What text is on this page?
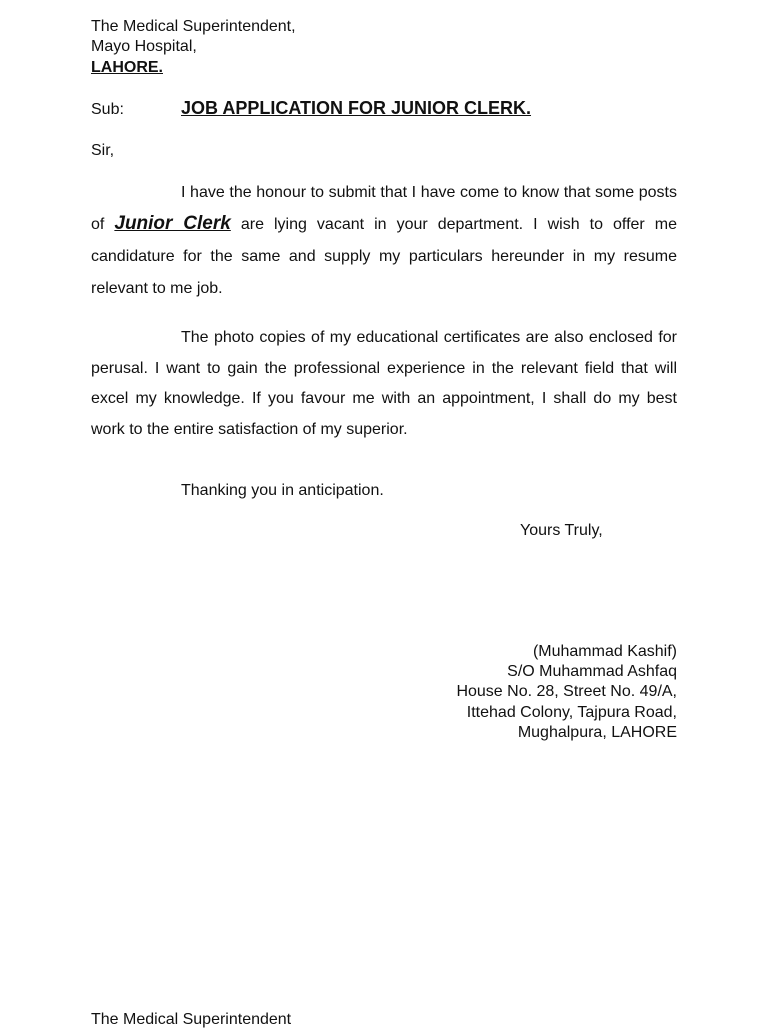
The Medical Superintendent,
Mayo Hospital,
LAHORE.
Sub:	JOB APPLICATION FOR JUNIOR CLERK.
Sir,
I have the honour to submit that I have come to know that some posts of Junior Clerk are lying vacant in your department. I wish to offer me candidature for the same and supply my particulars hereunder in my resume relevant to me job.
The photo copies of my educational certificates are also enclosed for perusal. I want to gain the professional experience in the relevant field that will excel my knowledge. If you favour me with an appointment, I shall do my best work to the entire satisfaction of my superior.
Thanking you in anticipation.
Yours Truly,
(Muhammad Kashif)
S/O Muhammad Ashfaq
House No. 28, Street No. 49/A,
Ittehad Colony, Tajpura Road,
Mughalpura, LAHORE
The Medical Superintendent
